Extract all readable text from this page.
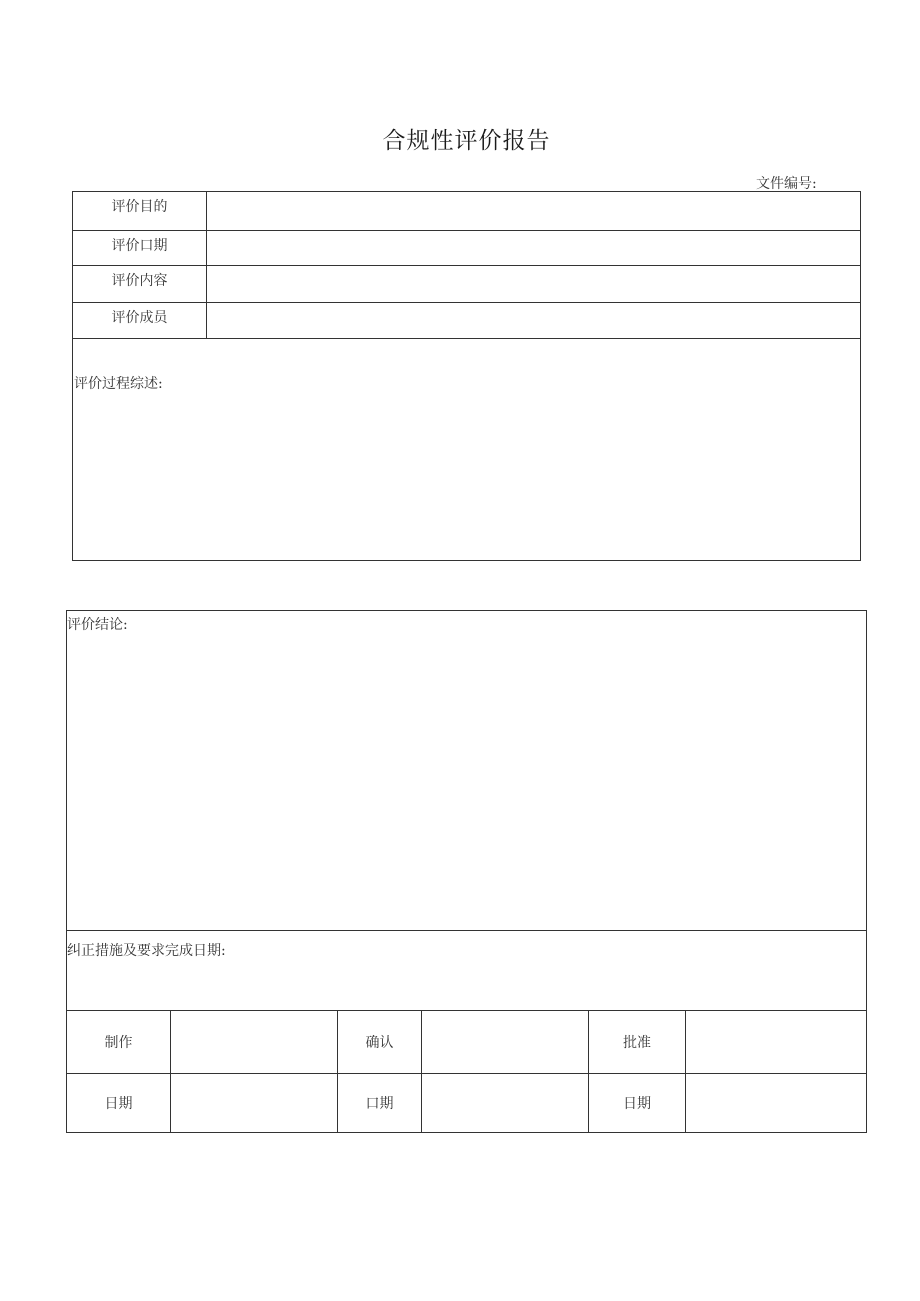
合规性评价报告
文件编号:
评价目的	
评价口期	
评价内容	
评价成员	

评价过程综述:	
评价结论:					
纠正措施及要求完成日期:					
制作		确认		批准	
日期		口期		日期	
